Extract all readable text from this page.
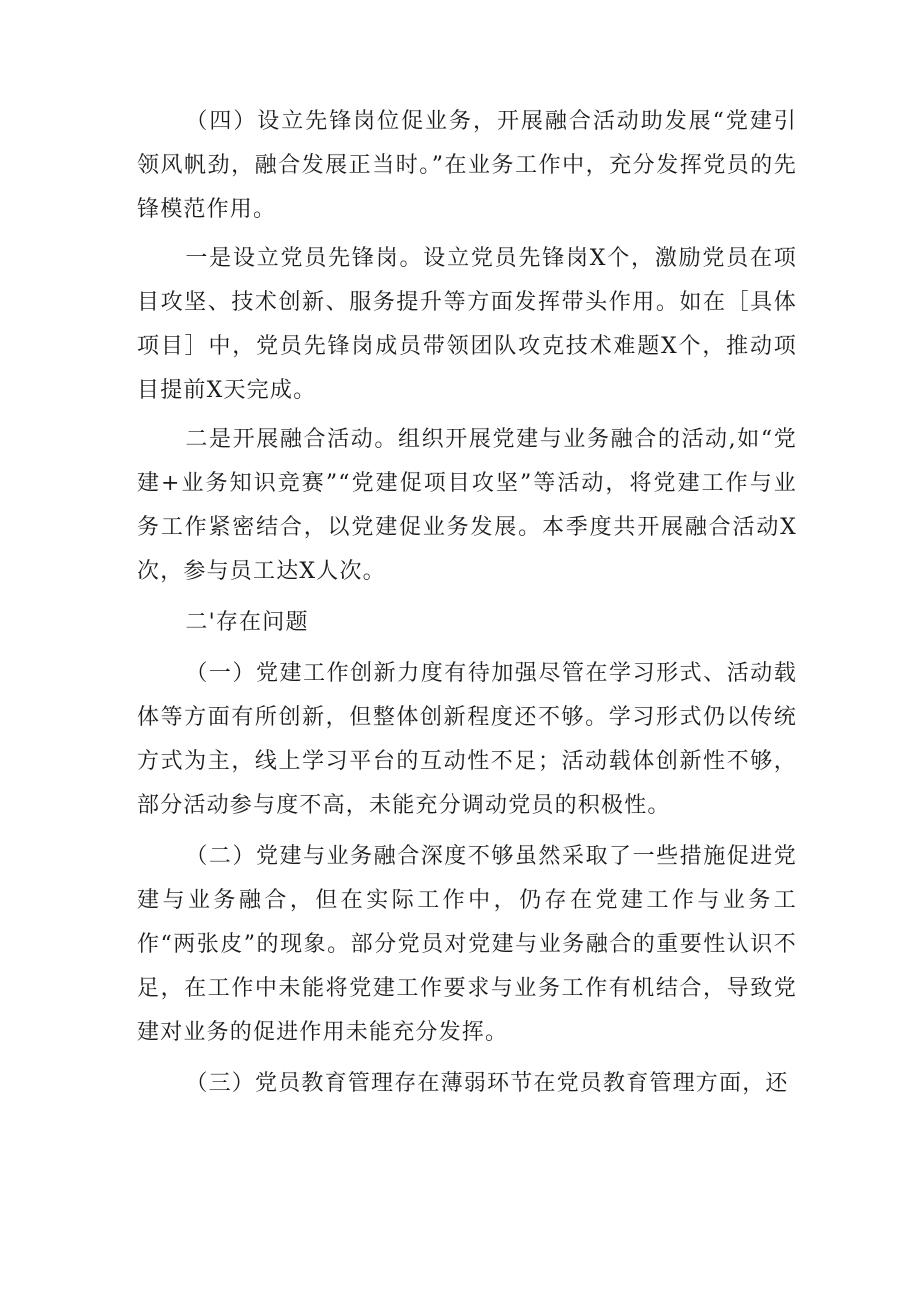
（四）设立先锋岗位促业务，开展融合活动助发展“党建引领风帆劲，融合发展正当时。”在业务工作中，充分发挥党员的先锋模范作用。

一是设立党员先锋岗。设立党员先锋岗X个，激励党员在项目攻坚、技术创新、服务提升等方面发挥带头作用。如在［具体项目］中，党员先锋岗成员带领团队攻克技术难题X个，推动项目提前X天完成。

二是开展融合活动。组织开展党建与业务融合的活动,如“党建+业务知识竞赛”“党建促项目攻坚”等活动，将党建工作与业务工作紧密结合，以党建促业务发展。本季度共开展融合活动X次，参与员工达X人次。

二'存在问题

（一）党建工作创新力度有待加强尽管在学习形式、活动载体等方面有所创新，但整体创新程度还不够。学习形式仍以传统方式为主，线上学习平台的互动性不足；活动载体创新性不够，部分活动参与度不高，未能充分调动党员的积极性。

（二）党建与业务融合深度不够虽然采取了一些措施促进党建与业务融合，但在实际工作中，仍存在党建工作与业务工作“两张皮”的现象。部分党员对党建与业务融合的重要性认识不足，在工作中未能将党建工作要求与业务工作有机结合，导致党建对业务的促进作用未能充分发挥。

（三）党员教育管理存在薄弱环节在党员教育管理方面，还
